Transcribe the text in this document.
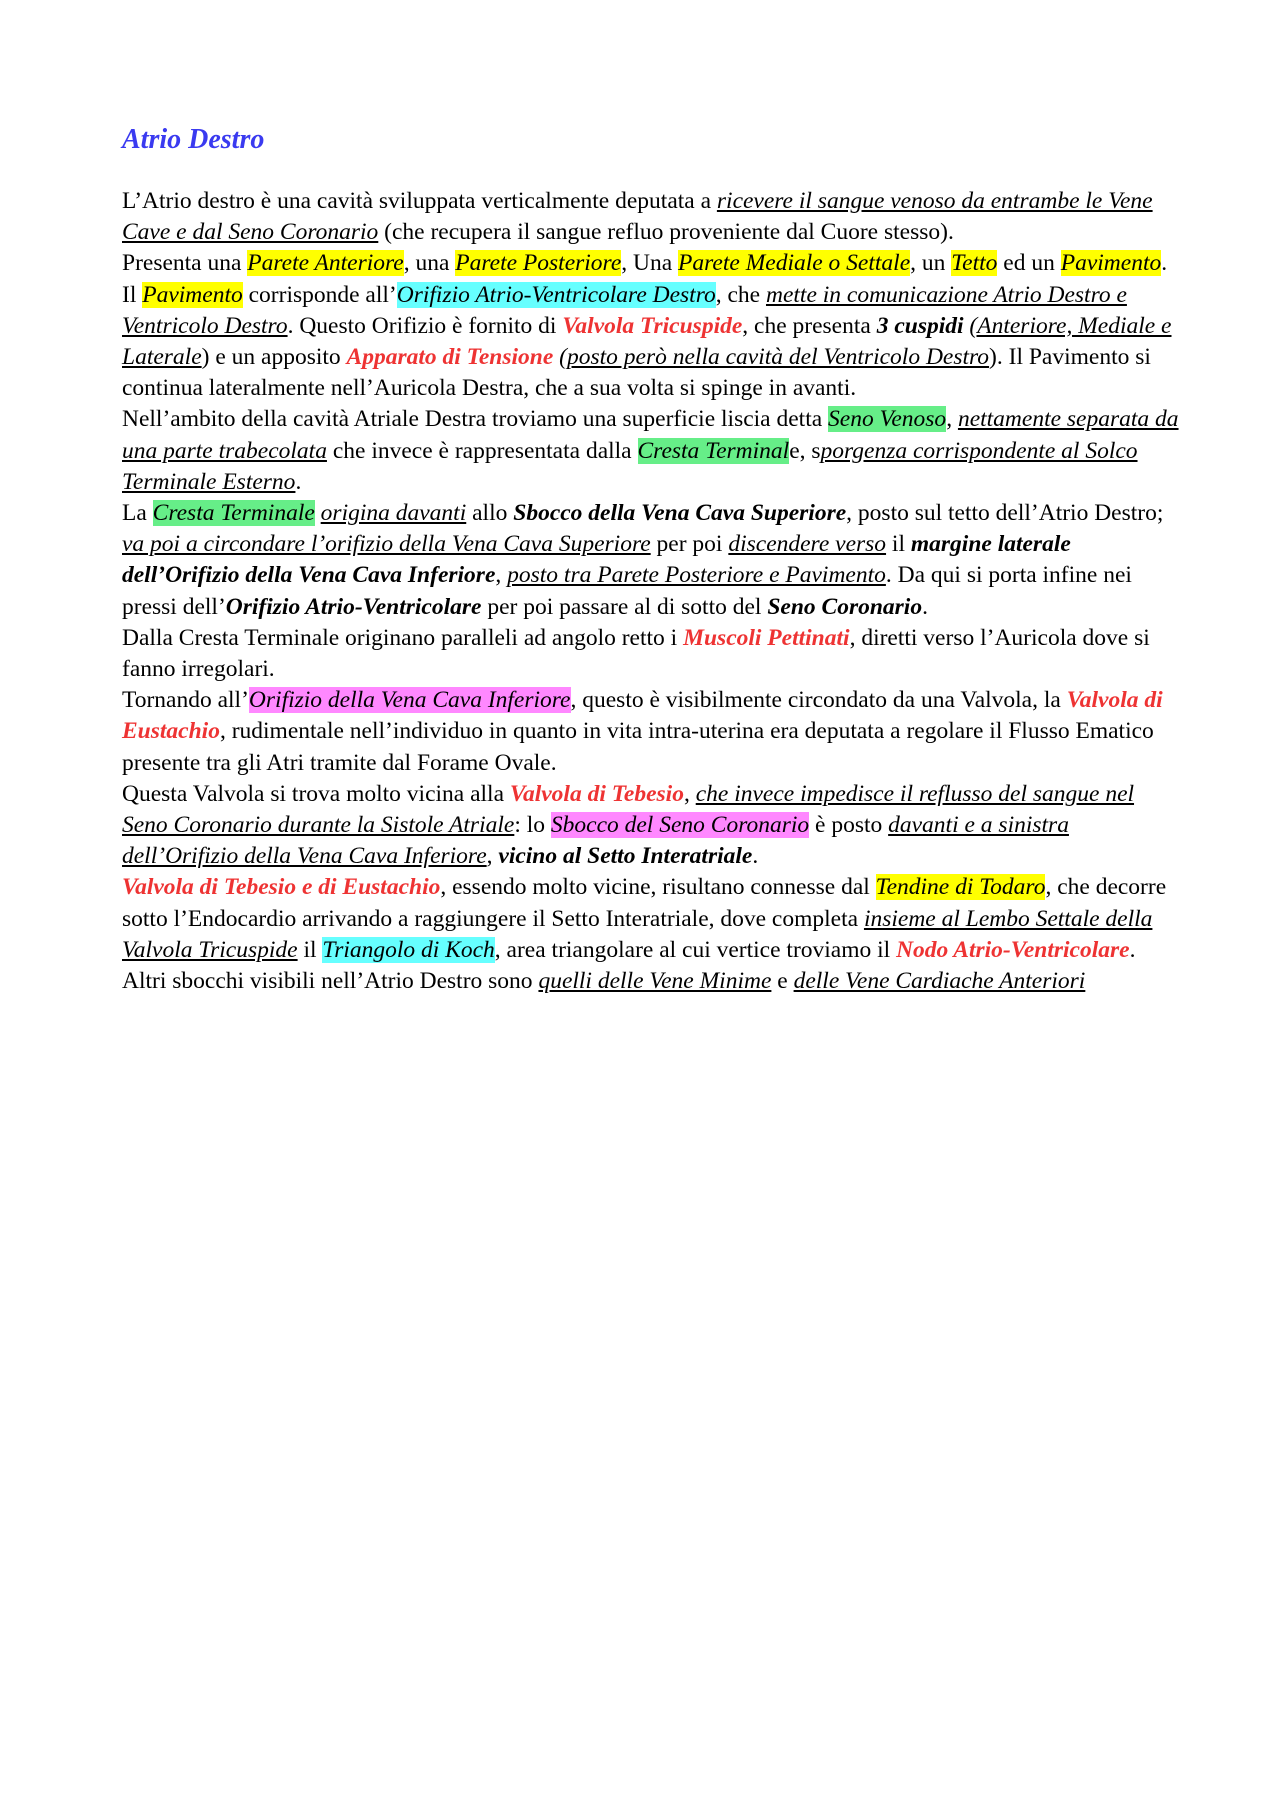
Atrio Destro

L’Atrio destro è una cavità sviluppata verticalmente deputata a ricevere il sangue venoso da entrambe le Vene Cave e dal Seno Coronario (che recupera il sangue refluo proveniente dal Cuore stesso).

Presenta una Parete Anteriore, una Parete Posteriore, Una Parete Mediale o Settale, un Tetto ed un Pavimento.

Il Pavimento corrisponde all’Orifizio Atrio-Ventricolare Destro, che mette in comunicazione Atrio Destro e Ventricolo Destro. Questo Orifizio è fornito di Valvola Tricuspide, che presenta 3 cuspidi (Anteriore, Mediale e Laterale) e un apposito Apparato di Tensione (posto però nella cavità del Ventricolo Destro). Il Pavimento si continua lateralmente nell’Auricola Destra, che a sua volta si spinge in avanti.

Nell’ambito della cavità Atriale Destra troviamo una superficie liscia detta Seno Venoso, nettamente separata da una parte trabecolata che invece è rappresentata dalla Cresta Terminale, sporgenza corrispondente al Solco Terminale Esterno.

La Cresta Terminale origina davanti allo Sbocco della Vena Cava Superiore, posto sul tetto dell’Atrio Destro; va poi a circondare l’orifizio della Vena Cava Superiore per poi discendere verso il margine laterale dell’Orifizio della Vena Cava Inferiore, posto tra Parete Posteriore e Pavimento. Da qui si porta infine nei pressi dell’Orifizio Atrio-Ventricolare per poi passare al di sotto del Seno Coronario.

Dalla Cresta Terminale originano paralleli ad angolo retto i Muscoli Pettinati, diretti verso l’Auricola dove si fanno irregolari.

Tornando all’Orifizio della Vena Cava Inferiore, questo è visibilmente circondato da una Valvola, la Valvola di Eustachio, rudimentale nell’individuo in quanto in vita intra-uterina era deputata a regolare il Flusso Ematico presente tra gli Atri tramite dal Forame Ovale.

Questa Valvola si trova molto vicina alla Valvola di Tebesio, che invece impedisce il reflusso del sangue nel Seno Coronario durante la Sistole Atriale: lo Sbocco del Seno Coronario è posto davanti e a sinistra dell’Orifizio della Vena Cava Inferiore, vicino al Setto Interatriale.

Valvola di Tebesio e di Eustachio, essendo molto vicine, risultano connesse dal Tendine di Todaro, che decorre sotto l’Endocardio arrivando a raggiungere il Setto Interatriale, dove completa insieme al Lembo Settale della Valvola Tricuspide il Triangolo di Koch, area triangolare al cui vertice troviamo il Nodo Atrio-Ventricolare.

Altri sbocchi visibili nell’Atrio Destro sono quelli delle Vene Minime e delle Vene Cardiache Anteriori
